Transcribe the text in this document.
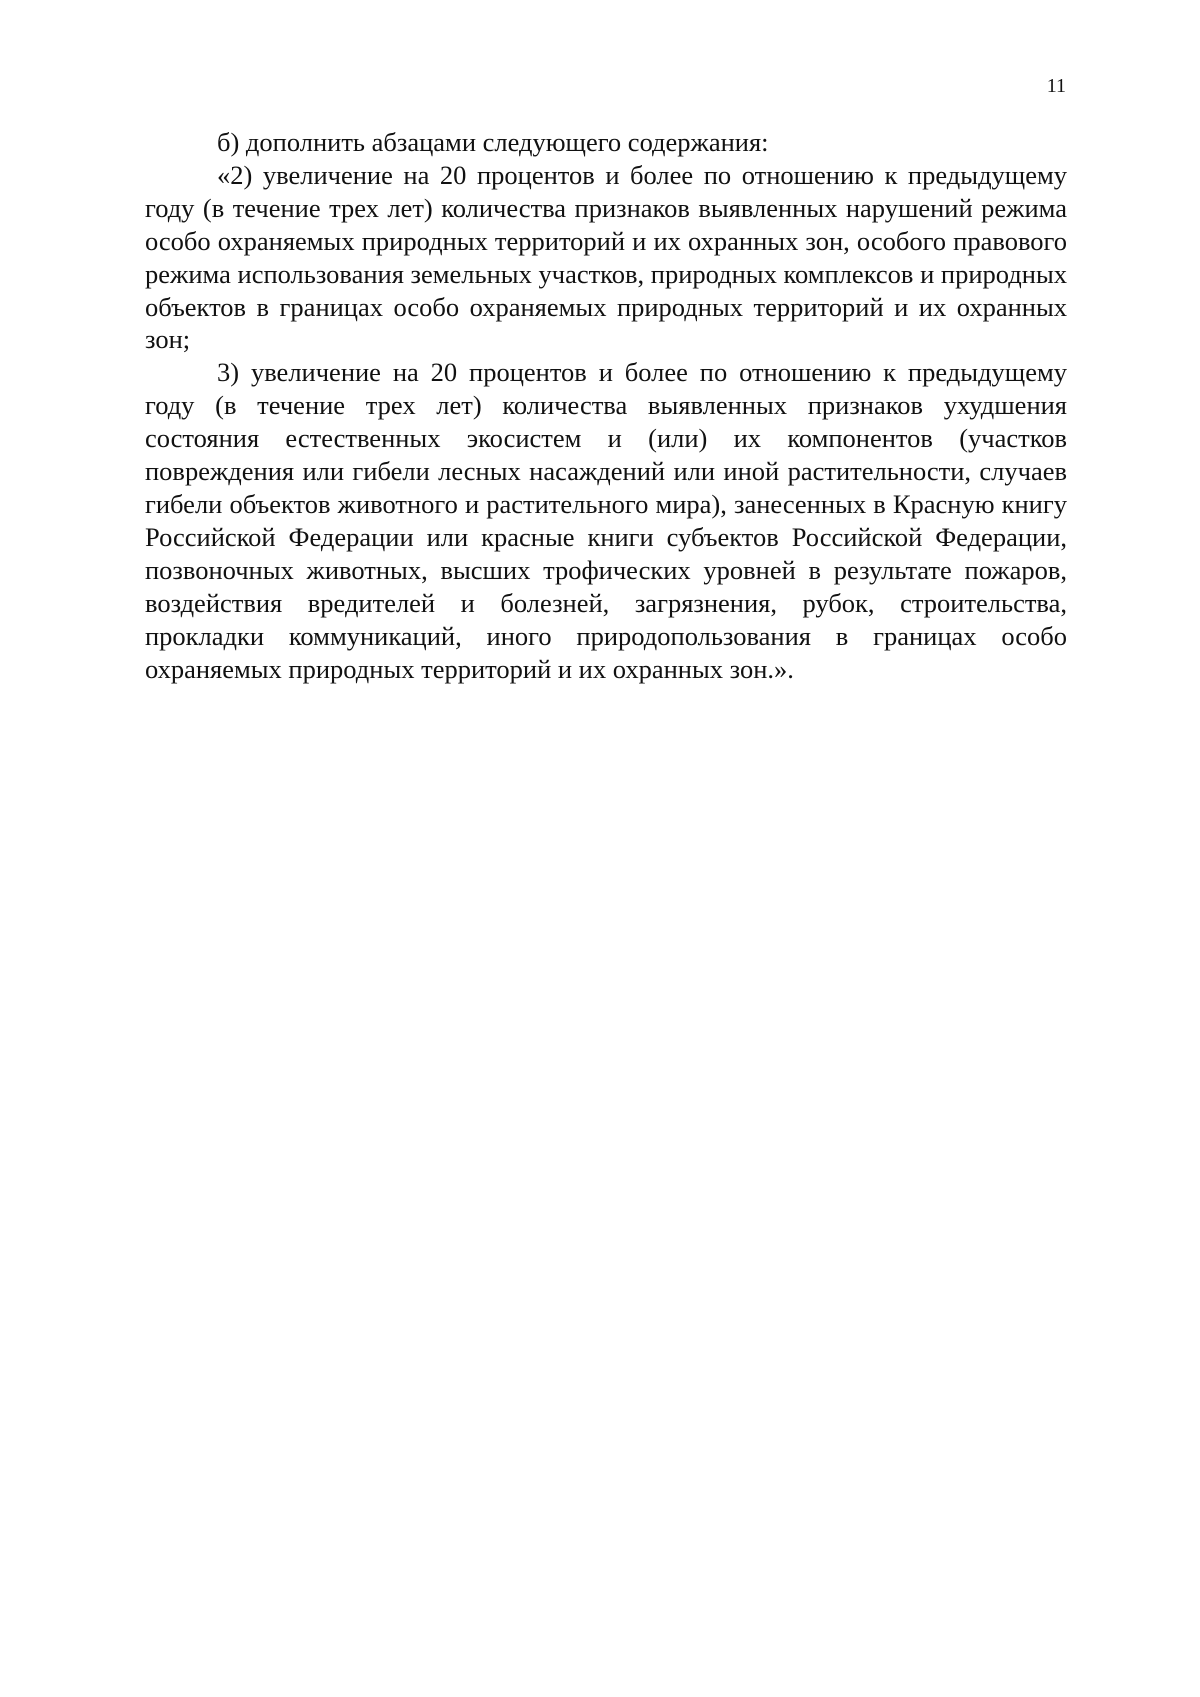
11

б) дополнить абзацами следующего содержания:

«2) увеличение на 20 процентов и более по отношению к предыдущему году (в течение трех лет) количества признаков выявленных нарушений режима особо охраняемых природных территорий и их охранных зон, особого правового режима использования земельных участков, природных комплексов и природных объектов в границах особо охраняемых природных территорий и их охранных зон;

3) увеличение на 20 процентов и более по отношению к предыдущему году (в течение трех лет) количества выявленных признаков ухудшения состояния естественных экосистем и (или) их компонентов (участков повреждения или гибели лесных насаждений или иной растительности, случаев гибели объектов животного и растительного мира), занесенных в Красную книгу Российской Федерации или красные книги субъектов Российской Федерации, позвоночных животных, высших трофических уровней в результате пожаров, воздействия вредителей и болезней, загрязнения, рубок, строительства, прокладки коммуникаций, иного природопользования в границах особо охраняемых природных территорий и их охранных зон.».
